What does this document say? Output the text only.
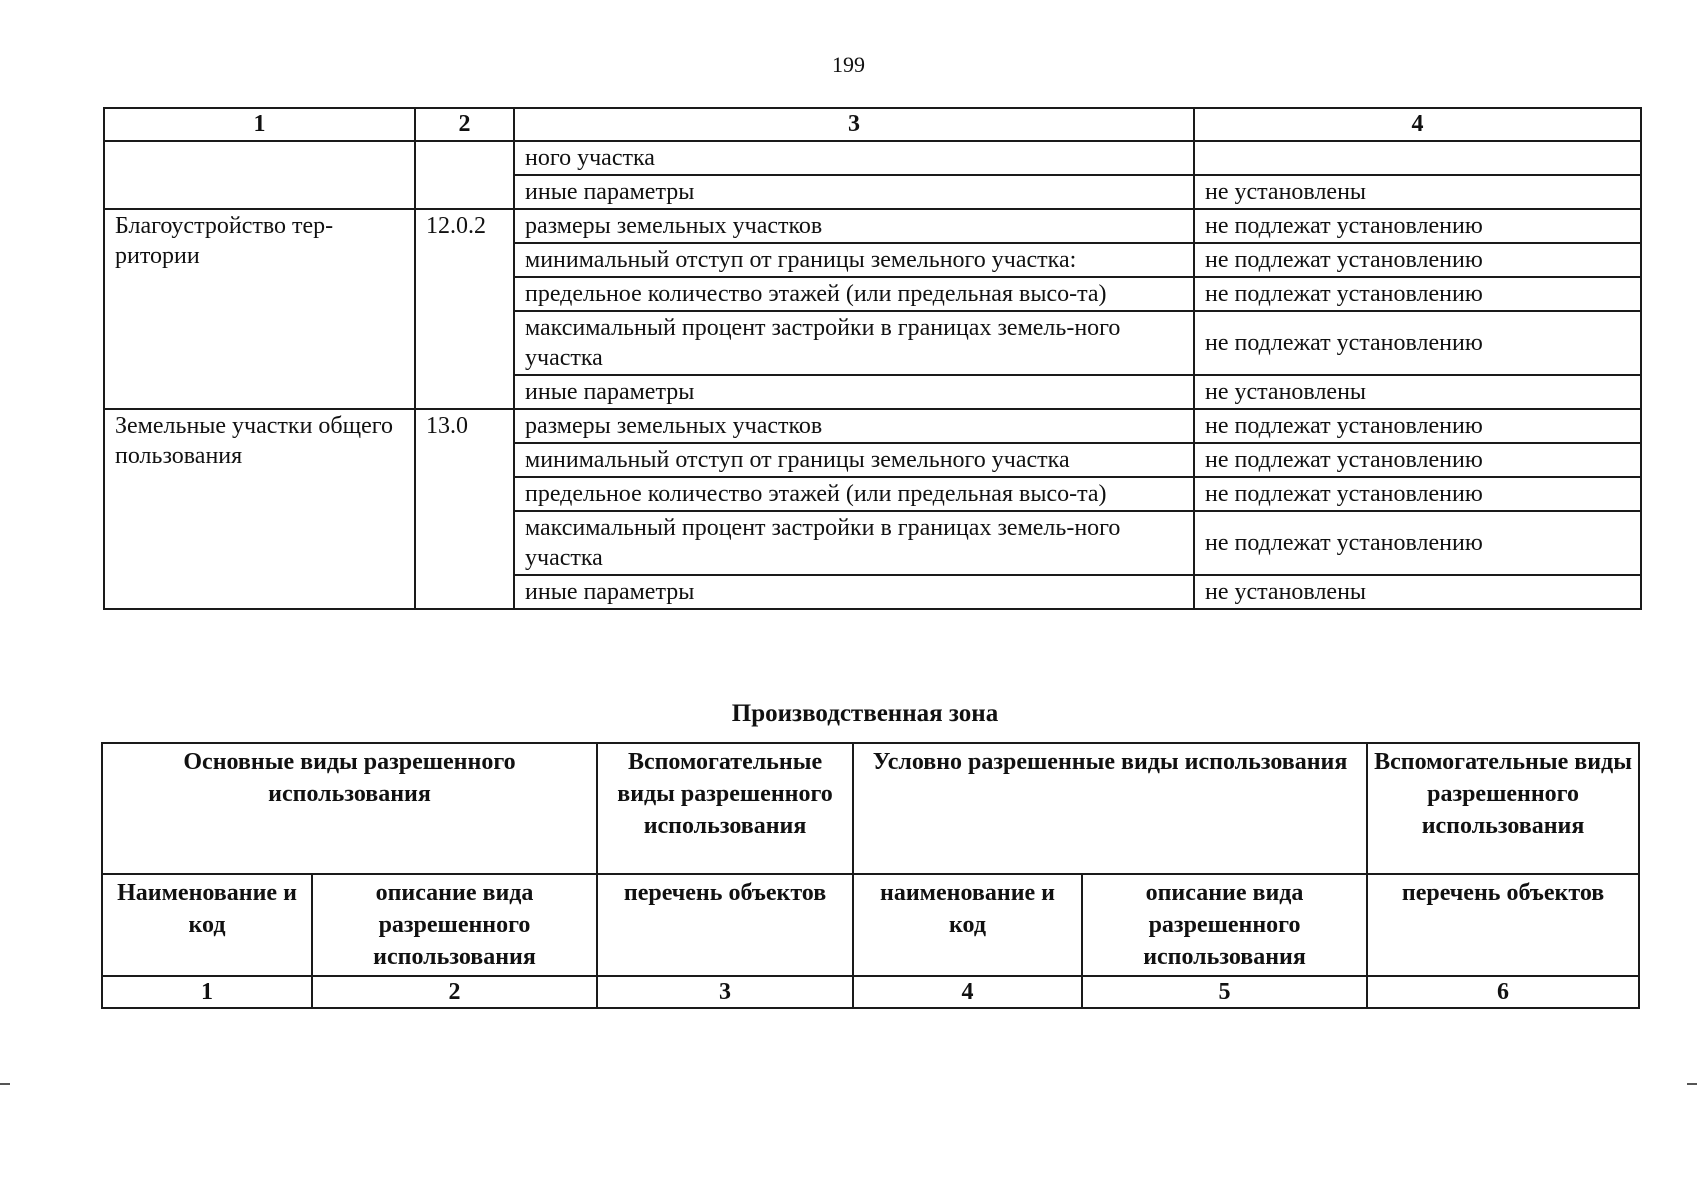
199
1	2	3	4
		ного участка	
		иные параметры	не установлены
Благоустройство тер-ритории	12.0.2	размеры земельных участков	не подлежат установлению
		минимальный отступ от границы земельного участка:	не подлежат установлению
		предельное количество этажей (или предельная высо-та)	не подлежат установлению
		максимальный процент застройки в границах земель-ного участка	не подлежат установлению
		иные параметры	не установлены
Земельные участки общего пользования	13.0	размеры земельных участков	не подлежат установлению
		минимальный отступ от границы земельного участка	не подлежат установлению
		предельное количество этажей (или предельная высо-та)	не подлежат установлению
		максимальный процент застройки в границах земель-ного участка	не подлежат установлению
		иные параметры	не установлены
Производственная зона
Основные виды разрешенного использования		Вспомогательные виды разрешенного использования	Условно разрешенные виды использования		Вспомогательные виды разрешенного использования
Наименование и код	описание вида разрешенного использования	перечень объектов	наименование и код	описание вида разрешенного использования	перечень объектов
1	2	3	4	5	6
